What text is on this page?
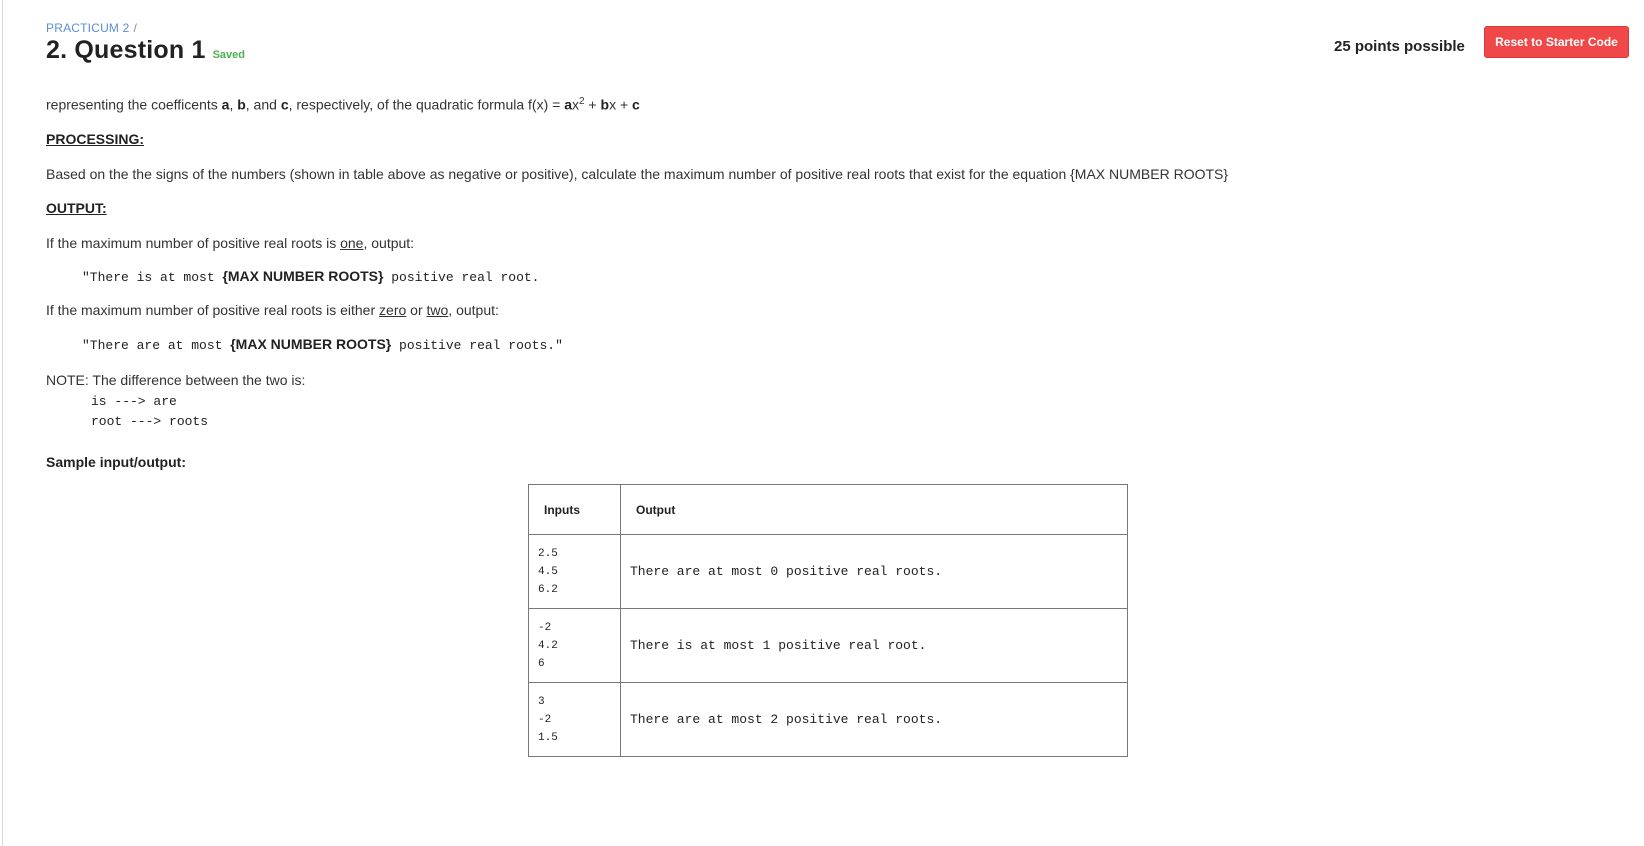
PRACTICUM 2 /
2. Question 1 Saved	25 points possible	Reset to Starter Code
representing the coefficents a, b, and c, respectively, of the quadratic formula $f(x) = ax^2$ + bx + c
PROCESSING:
Based on the the signs of the numbers (shown in table above as negative or positive), calculate the maximum number of positive real roots that exist for the equation {MAX NUMBER ROOTS}
OUTPUT:
If the maximum number of positive real roots is one, output:
"There is at most {MAX NUMBER ROOTS} positive real root.
If the maximum number of positive real roots is either zero or two, output:
"There are at most {MAX NUMBER ROOTS} positive real roots."
NOTE: The difference between the two is:
is ---> are
root ---> roots
Sample input/output:
Inputs	Output

2.5
4.5
6.2	There are at most 0 positive real roots.

-2
4.2
6	There is at most 1 positive real root.

3
-2
1.5	There are at most 2 positive real roots.
